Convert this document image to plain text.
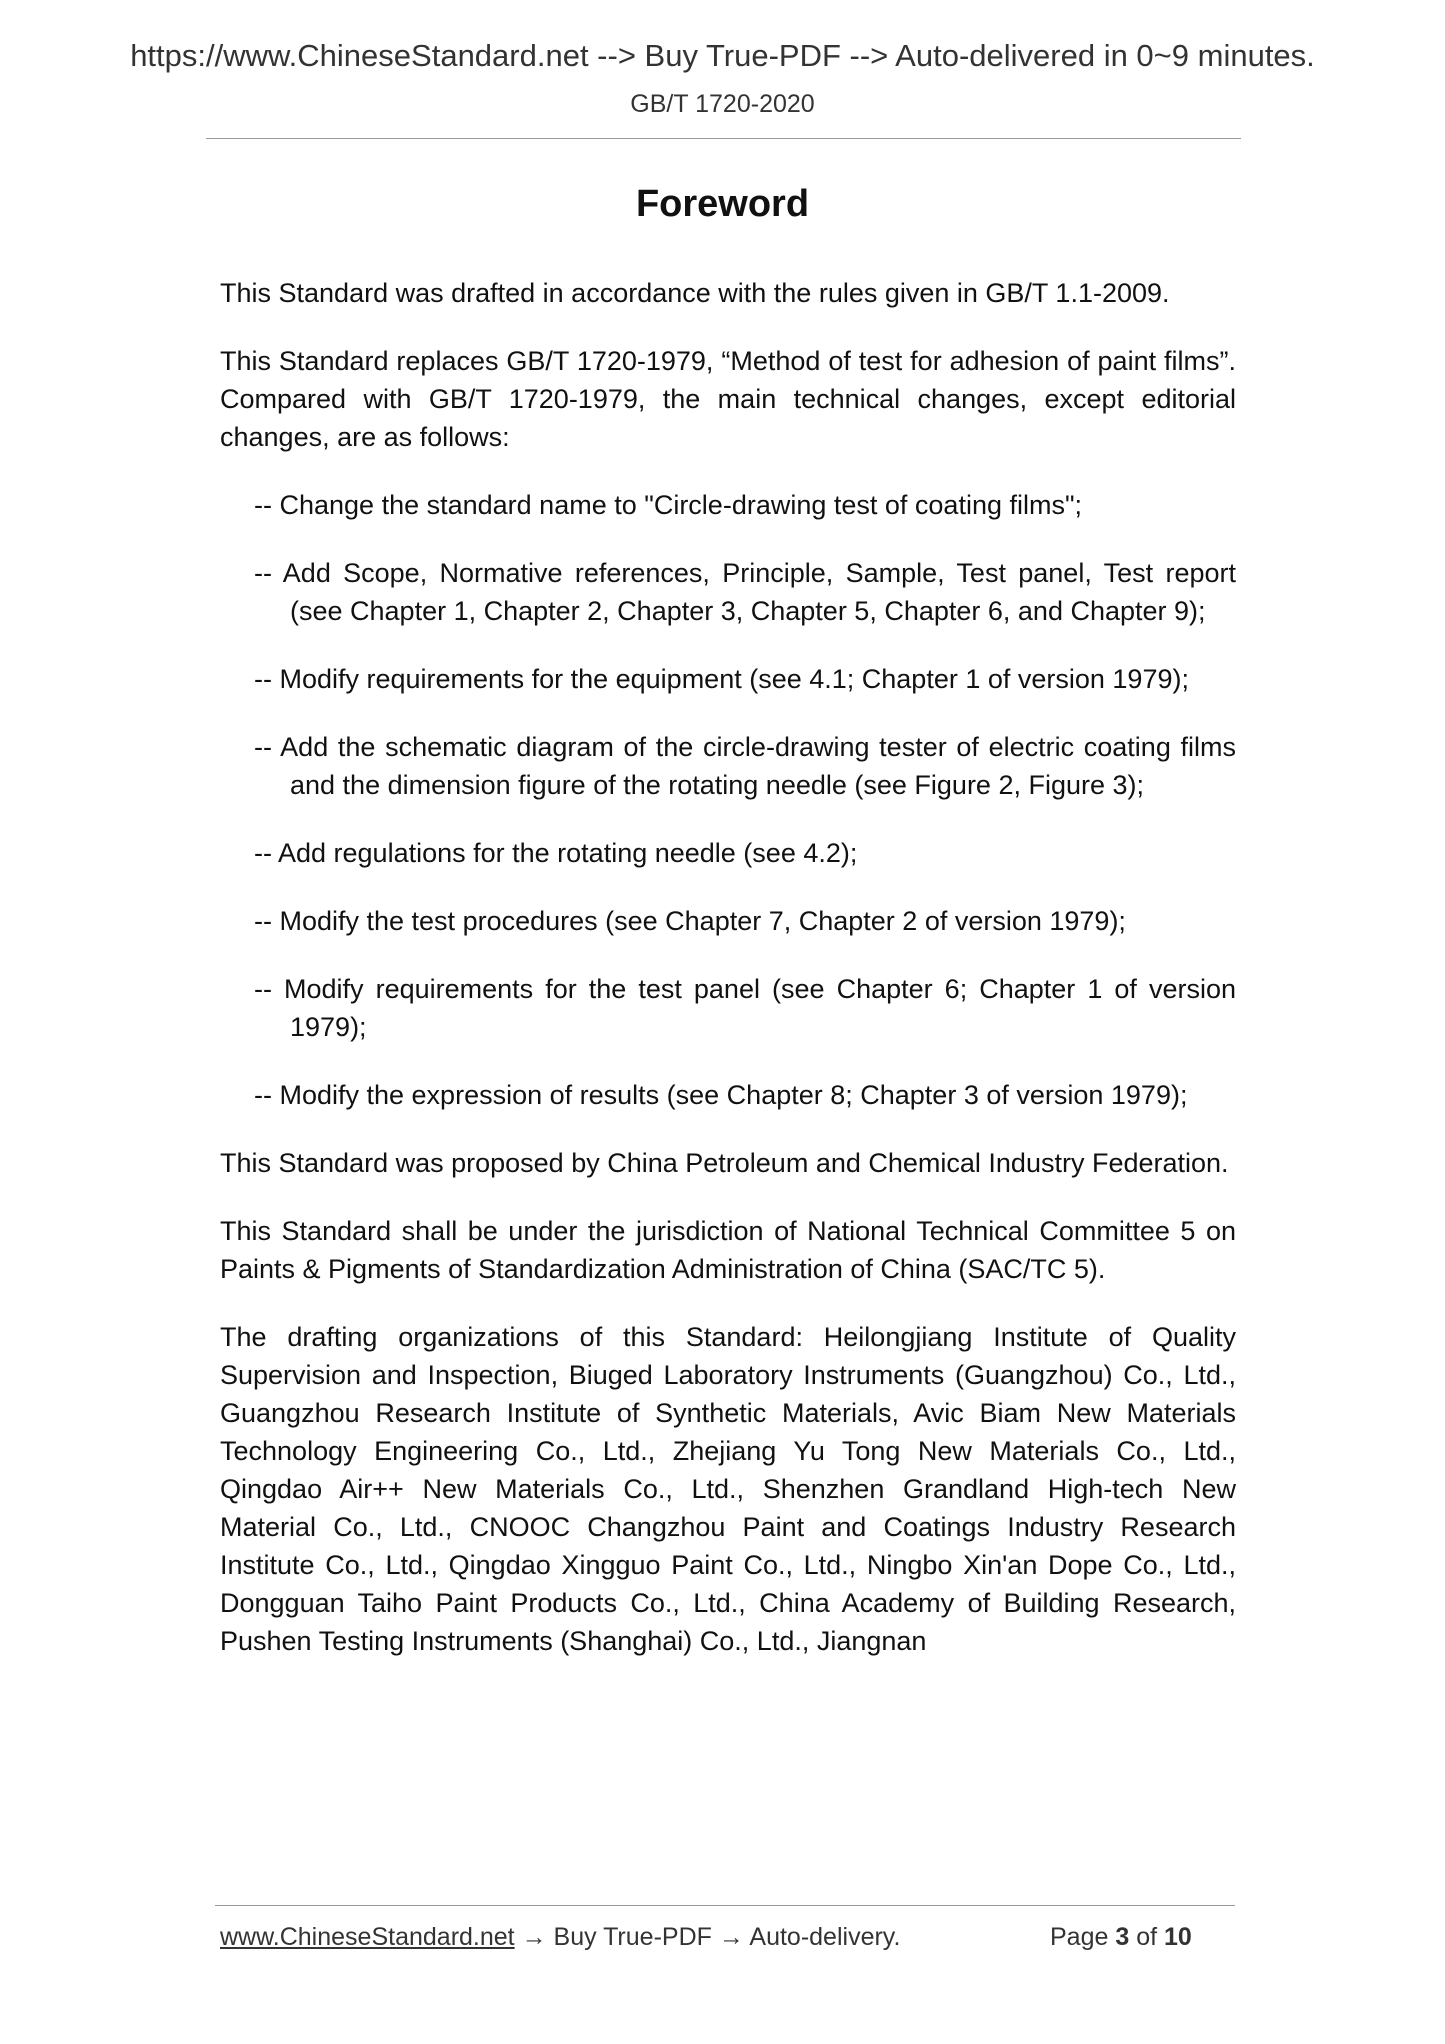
https://www.ChineseStandard.net --> Buy True-PDF --> Auto-delivered in 0~9 minutes.
GB/T 1720-2020
Foreword

This Standard was drafted in accordance with the rules given in GB/T 1.1-2009.

This Standard replaces GB/T 1720-1979, “Method of test for adhesion of paint films”. Compared with GB/T 1720-1979, the main technical changes, except editorial changes, are as follows:

-- Change the standard name to "Circle-drawing test of coating films";
-- Add Scope, Normative references, Principle, Sample, Test panel, Test report (see Chapter 1, Chapter 2, Chapter 3, Chapter 5, Chapter 6, and Chapter 9);
-- Modify requirements for the equipment (see 4.1; Chapter 1 of version 1979);
-- Add the schematic diagram of the circle-drawing tester of electric coating films and the dimension figure of the rotating needle (see Figure 2, Figure 3);
-- Add regulations for the rotating needle (see 4.2);
-- Modify the test procedures (see Chapter 7, Chapter 2 of version 1979);
-- Modify requirements for the test panel (see Chapter 6; Chapter 1 of version 1979);
-- Modify the expression of results (see Chapter 8; Chapter 3 of version 1979);

This Standard was proposed by China Petroleum and Chemical Industry Federation.

This Standard shall be under the jurisdiction of National Technical Committee 5 on Paints & Pigments of Standardization Administration of China (SAC/TC 5).

The drafting organizations of this Standard: Heilongjiang Institute of Quality Supervision and Inspection, Biuged Laboratory Instruments (Guangzhou) Co., Ltd., Guangzhou Research Institute of Synthetic Materials, Avic Biam New Materials Technology Engineering Co., Ltd., Zhejiang Yu Tong New Materials Co., Ltd., Qingdao Air++ New Materials Co., Ltd., Shenzhen Grandland High-tech New Material Co., Ltd., CNOOC Changzhou Paint and Coatings Industry Research Institute Co., Ltd., Qingdao Xingguo Paint Co., Ltd., Ningbo Xin'an Dope Co., Ltd., Dongguan Taiho Paint Products Co., Ltd., China Academy of Building Research, Pushen Testing Instruments (Shanghai) Co., Ltd., Jiangnan

www.ChineseStandard.net → Buy True-PDF → Auto-delivery.	Page 3 of 10
